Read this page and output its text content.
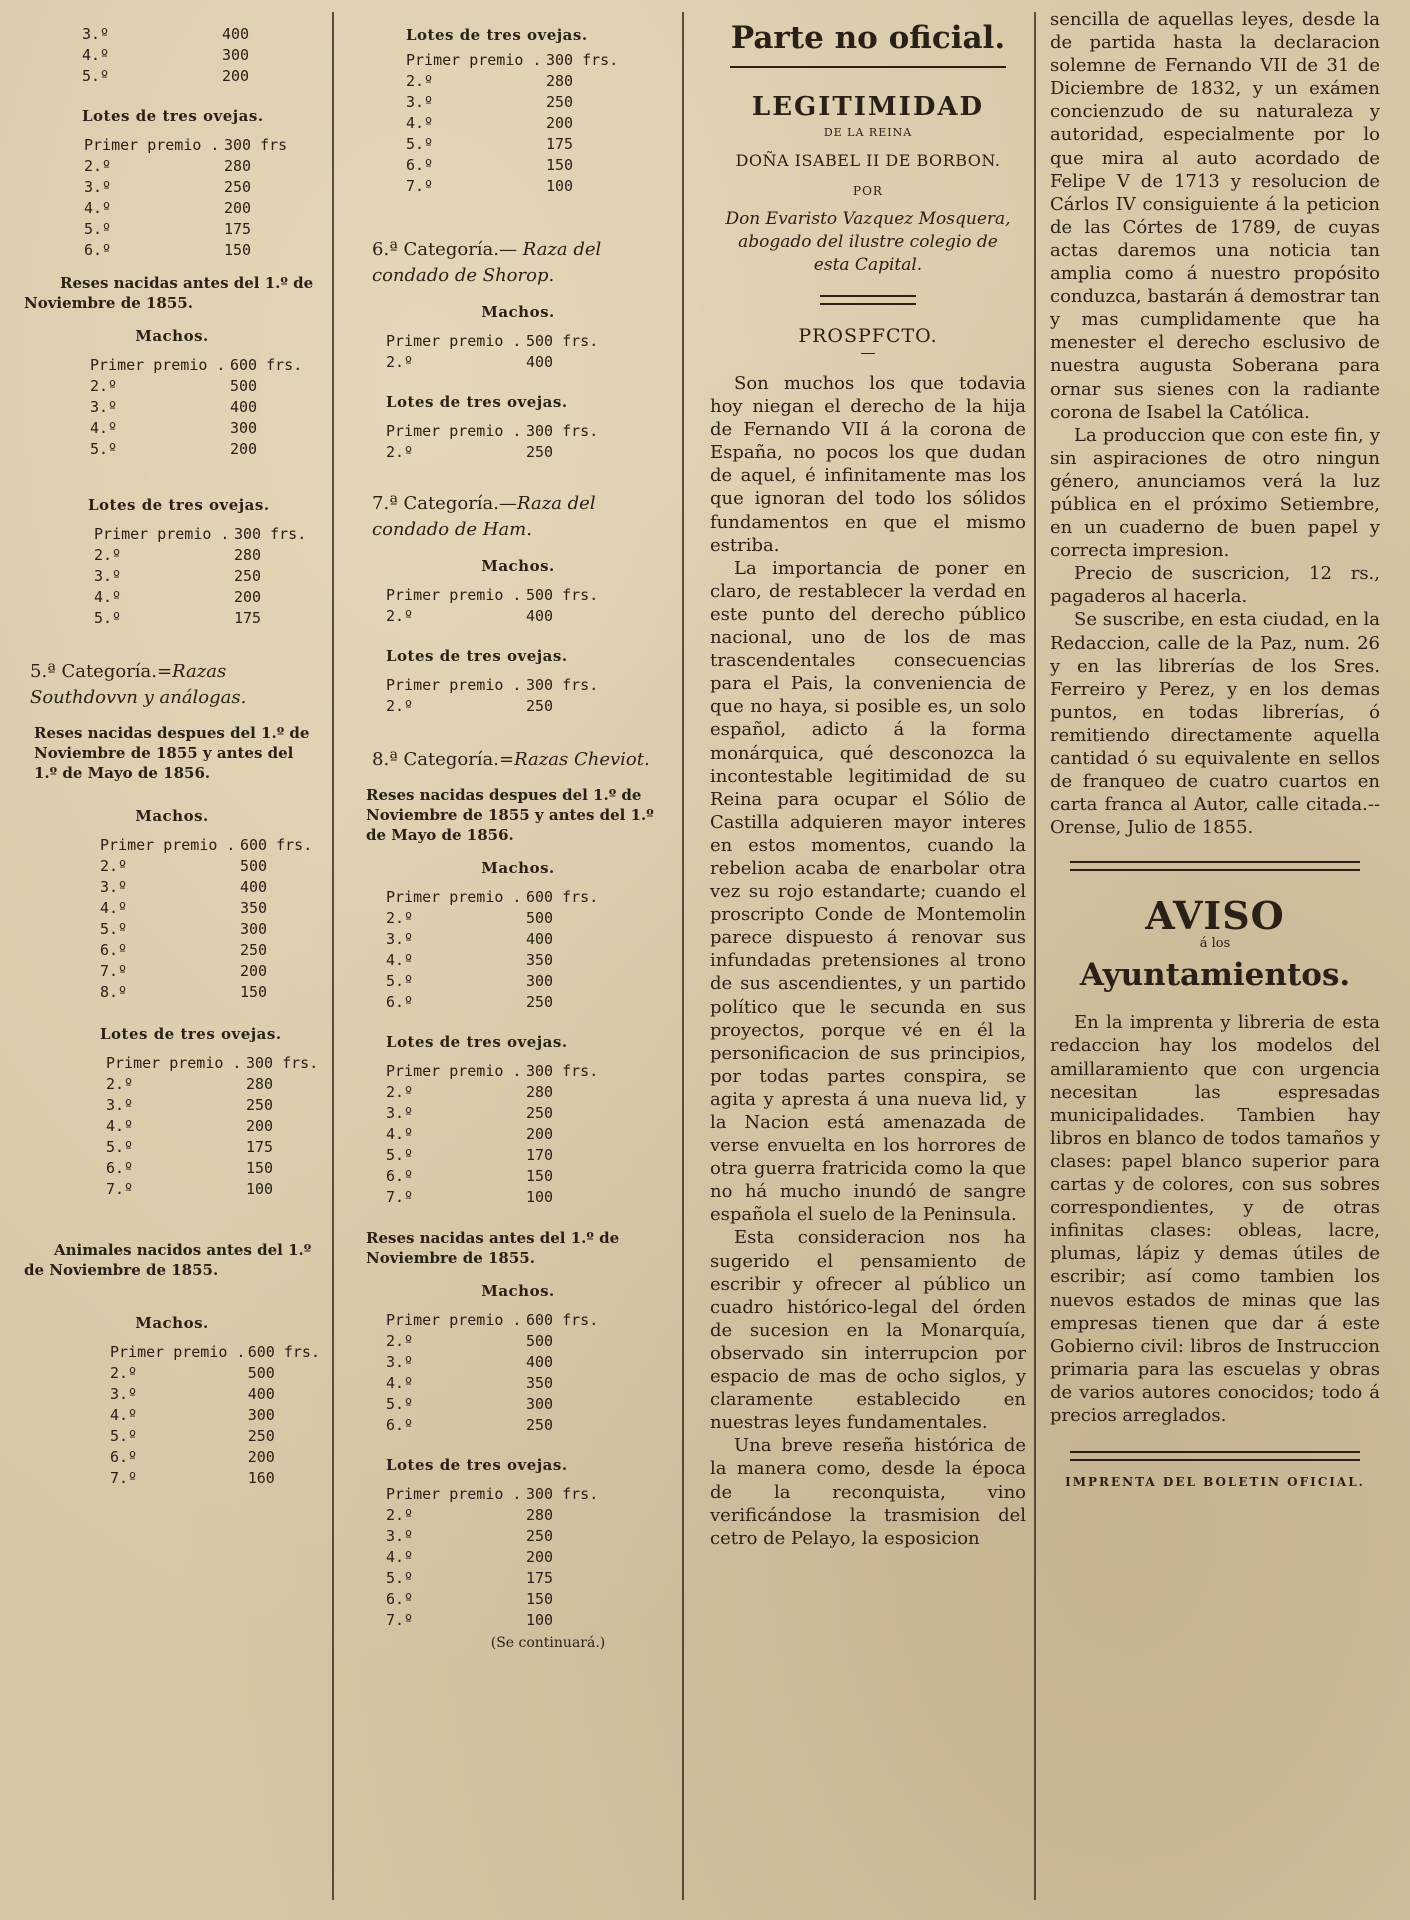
3.º	400
4.º	300
5.º	200
Lotes de tres ovejas.
Primer premio .	300 frs
2.º	280
3.º	250
4.º	200
5.º	175
6.º	150
Reses nacidas antes del 1.º de Noviembre de 1855.
Machos.
Primer premio .	600 frs.
2.º	500
3.º	400
4.º	300
5.º	200
Lotes de tres ovejas.
Primer premio .	300 frs.
2.º	280
3.º	250
4.º	200
5.º	175
5.ª Categoría.=Razas Southdovvn y análogas.
Reses nacidas despues del 1.º de Noviembre de 1855 y antes del 1.º de Mayo de 1856.
Machos.
Primer premio .	600 frs.
2.º	500
3.º	400
4.º	350
5.º	300
6.º	250
7.º	200
8.º	150
Lotes de tres ovejas.
Primer premio .	300 frs.
2.º	280
3.º	250
4.º	200
5.º	175
6.º	150
7.º	100
Animales nacidos antes del 1.º de Noviembre de 1855.
Machos.
Primer premio .	600 frs.
2.º	500
3.º	400
4.º	300
5.º	250
6.º	200
7.º	160
Lotes de tres ovejas.
Primer premio .	300 frs.
2.º	280
3.º	250
4.º	200
5.º	175
6.º	150
7.º	100
6.ª Categoría.— Raza del condado de Shorop.
Machos.
Primer premio .	500 frs.
2.º	400
Lotes de tres ovejas.
Primer premio .	300 frs.
2.º	250
7.ª Categoría.—Raza del condado de Ham.
Machos.
Primer premio .	500 frs.
2.º	400
Lotes de tres ovejas.
Primer premio .	300 frs.
2.º	250
8.ª Categoría.=Razas Cheviot.
Reses nacidas despues del 1.º de Noviembre de 1855 y antes del 1.º de Mayo de 1856.
Machos.
Primer premio .	600 frs.
2.º	500
3.º	400
4.º	350
5.º	300
6.º	250
Lotes de tres ovejas.
Primer premio .	300 frs.
2.º	280
3.º	250
4.º	200
5.º	170
6.º	150
7.º	100
Reses nacidas antes del 1.º de Noviembre de 1855.
Machos.
Primer premio .	600 frs.
2.º	500
3.º	400
4.º	350
5.º	300
6.º	250
Lotes de tres ovejas.
Primer premio .	300 frs.
2.º	280
3.º	250
4.º	200
5.º	175
6.º	150
7.º	100
(Se continuará.)
Parte no oficial.
LEGITIMIDAD
DE LA REINA
DOÑA ISABEL II DE BORBON.
POR
Don Evaristo Vazquez Mosquera, abogado del ilustre colegio de esta Capital.
PROSPFCTO.

Son muchos los que todavia hoy niegan el derecho de la hija de Fernando VII á la corona de España, no pocos los que dudan de aquel, é infinitamente mas los que ignoran del todo los sólidos fundamentos en que el mismo estriba.

La importancia de poner en claro, de restablecer la verdad en este punto del derecho público nacional, uno de los de mas trascendentales consecuencias para el Pais, la conveniencia de que no haya, si posible es, un solo español, adicto á la forma monárquica, qué desconozca la incontestable legitimidad de su Reina para ocupar el Sólio de Castilla adquieren mayor interes en estos momentos, cuando la rebelion acaba de enarbolar otra vez su rojo estandarte; cuando el proscripto Conde de Montemolin parece dispuesto á renovar sus infundadas pretensiones al trono de sus ascendientes, y un partido político que le secunda en sus proyectos, porque vé en él la personificacion de sus principios, por todas partes conspira, se agita y apresta á una nueva lid, y la Nacion está amenazada de verse envuelta en los horrores de otra guerra fratricida como la que no há mucho inundó de sangre española el suelo de la Peninsula.

Esta consideracion nos ha sugerido el pensamiento de escribir y ofrecer al público un cuadro histórico-legal del órden de sucesion en la Monarquía, observado sin interrupcion por espacio de mas de ocho siglos, y claramente establecido en nuestras leyes fundamentales.

Una breve reseña histórica de la manera como, desde la época de la reconquista, vino verificándose la trasmision del cetro de Pelayo, la esposicion

sencilla de aquellas leyes, desde la de partida hasta la declaracion solemne de Fernando VII de 31 de Diciembre de 1832, y un exámen concienzudo de su naturaleza y autoridad, especialmente por lo que mira al auto acordado de Felipe V de 1713 y resolucion de Cárlos IV consiguiente á la peticion de las Córtes de 1789, de cuyas actas daremos una noticia tan amplia como á nuestro propósito conduzca, bastarán á demostrar tan y mas cumplidamente que ha menester el derecho esclusivo de nuestra augusta Soberana para ornar sus sienes con la radiante corona de Isabel la Católica.

La produccion que con este fin, y sin aspiraciones de otro ningun género, anunciamos verá la luz pública en el próximo Setiembre, en un cuaderno de buen papel y correcta impresion.

Precio de suscricion, 12 rs., pagaderos al hacerla.

Se suscribe, en esta ciudad, en la Redaccion, calle de la Paz, num. 26 y en las librerías de los Sres. Ferreiro y Perez, y en los demas puntos, en todas librerías, ó remitiendo directamente aquella cantidad ó su equivalente en sellos de franqueo de cuatro cuartos en carta franca al Autor, calle citada.--Orense, Julio de 1855.

AVISO
á los
Ayuntamientos.

En la imprenta y libreria de esta redaccion hay los modelos del amillaramiento que con urgencia necesitan las espresadas municipalidades. Tambien hay libros en blanco de todos tamaños y clases: papel blanco superior para cartas y de colores, con sus sobres correspondientes, y de otras infinitas clases: obleas, lacre, plumas, lápiz y demas útiles de escribir; así como tambien los nuevos estados de minas que las empresas tienen que dar á este Gobierno civil: libros de Instruccion primaria para las escuelas y obras de varios autores conocidos; todo á precios arreglados.

IMPRENTA DEL BOLETIN OFICIAL.
